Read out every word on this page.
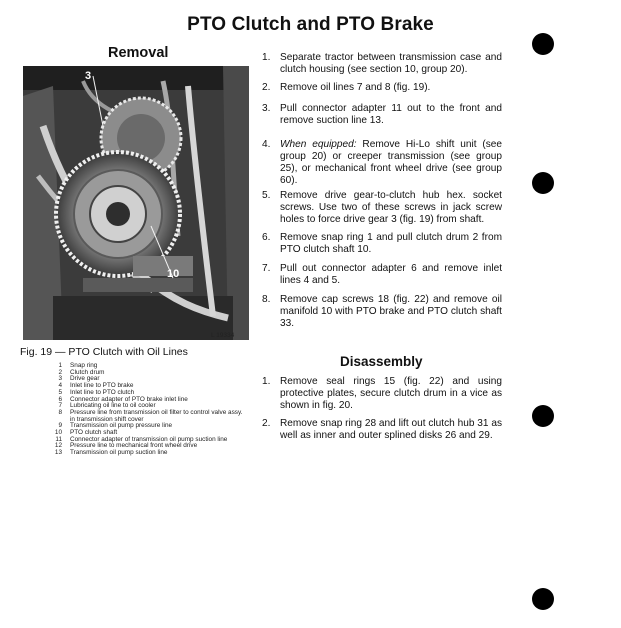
PTO Clutch and PTO Brake
Removal
3
10
L 19334
Fig. 19 — PTO Clutch with Oil Lines
1	Snap ring
2	Clutch drum
3	Drive gear
4	Inlet line to PTO brake
5	Inlet line to PTO clutch
6	Connector adapter of PTO brake inlet line
7	Lubricating oil line to oil cooler
8	Pressure line from transmission oil filter to control valve assy. in transmission shift cover
9	Transmission oil pump pressure line
10	PTO clutch shaft
11	Connector adapter of transmission oil pump suction line
12	Pressure line to mechanical front wheel drive
13	Transmission oil pump suction line
1. Separate tractor between transmission case and clutch housing (see section 10, group 20).
2. Remove oil lines 7 and 8 (fig. 19).
3. Pull connector adapter 11 out to the front and remove suction line 13.
4. When equipped: Remove Hi-Lo shift unit (see group 20) or creeper transmission (see group 25), or mechanical front wheel drive (see group 60).
5. Remove drive gear-to-clutch hub hex. socket screws. Use two of these screws in jack screw holes to force drive gear 3 (fig. 19) from shaft.
6. Remove snap ring 1 and pull clutch drum 2 from PTO clutch shaft 10.
7. Pull out connector adapter 6 and remove inlet lines 4 and 5.
8. Remove cap screws 18 (fig. 22) and remove oil manifold 10 with PTO brake and PTO clutch shaft 33.
Disassembly
1. Remove seal rings 15 (fig. 22) and using protective plates, secure clutch drum in a vice as shown in fig. 20.
2. Remove snap ring 28 and lift out clutch hub 31 as well as inner and outer splined disks 26 and 29.
